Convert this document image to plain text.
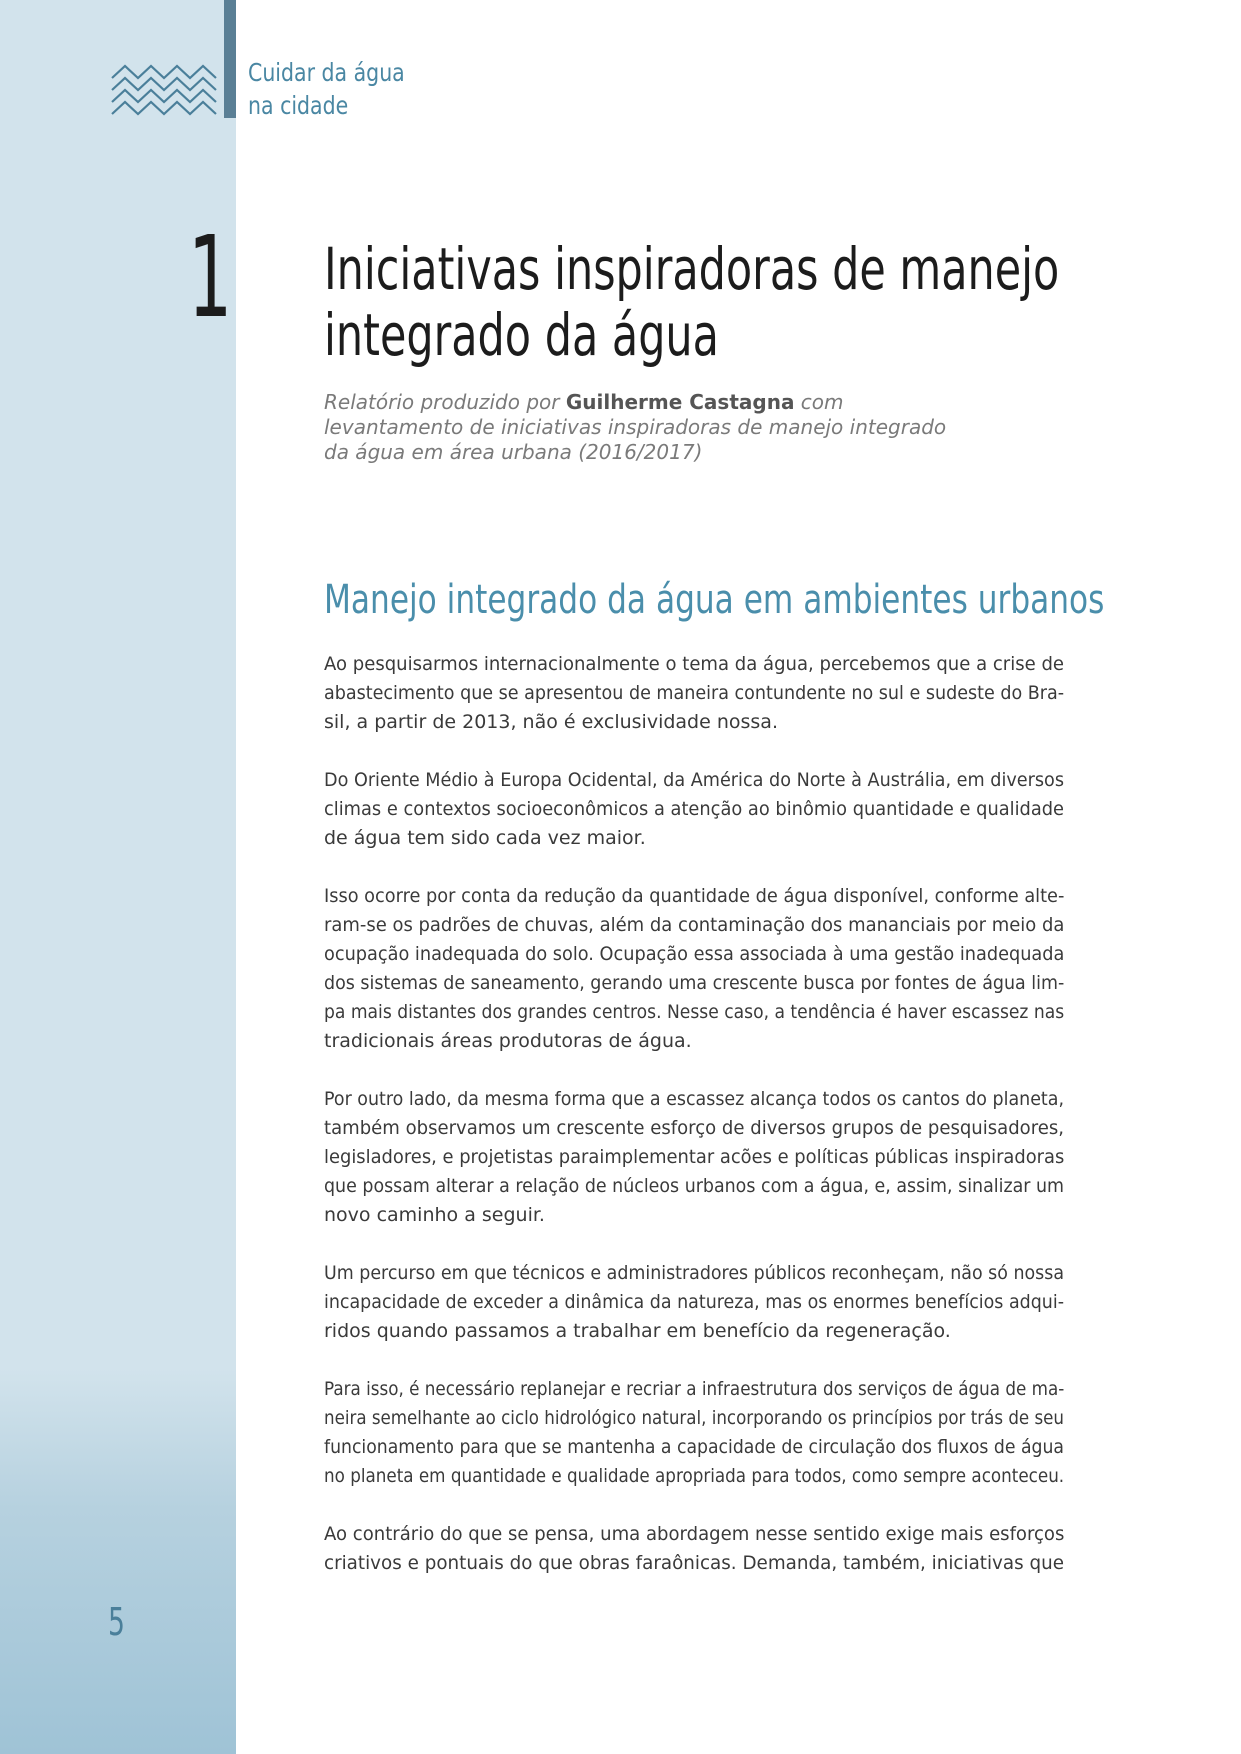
Cuidar da água
na cidade
1 Iniciativas inspiradoras de manejo
integrado da água
Relatório produzido por Guilherme Castagna com
levantamento de iniciativas inspiradoras de manejo integrado
da água em área urbana (2016/2017)
Manejo integrado da água em ambientes urbanos
Ao pesquisarmos internacionalmente o tema da água, percebemos que a crise de
abastecimento que se apresentou de maneira contundente no sul e sudeste do Bra-
sil, a partir de 2013, não é exclusividade nossa.
Do Oriente Médio à Europa Ocidental, da América do Norte à Austrália, em diversos
climas e contextos socioeconômicos a atenção ao binômio quantidade e qualidade
de água tem sido cada vez maior.
Isso ocorre por conta da redução da quantidade de água disponível, conforme alte-
ram-se os padrões de chuvas, além da contaminação dos mananciais por meio da
ocupação inadequada do solo. Ocupação essa associada à uma gestão inadequada
dos sistemas de saneamento, gerando uma crescente busca por fontes de água lim-
pa mais distantes dos grandes centros. Nesse caso, a tendência é haver escassez nas
tradicionais áreas produtoras de água.
Por outro lado, da mesma forma que a escassez alcança todos os cantos do planeta,
também observamos um crescente esforço de diversos grupos de pesquisadores,
legisladores, e projetistas paraimplementar acões e políticas públicas inspiradoras
que possam alterar a relação de núcleos urbanos com a água, e, assim, sinalizar um
novo caminho a seguir.
Um percurso em que técnicos e administradores públicos reconheçam, não só nossa
incapacidade de exceder a dinâmica da natureza, mas os enormes benefícios adqui-
ridos quando passamos a trabalhar em benefício da regeneração.
Para isso, é necessário replanejar e recriar a infraestrutura dos serviços de água de ma-
neira semelhante ao ciclo hidrológico natural, incorporando os princípios por trás de seu
funcionamento para que se mantenha a capacidade de circulação dos fluxos de água
no planeta em quantidade e qualidade apropriada para todos, como sempre aconteceu.
Ao contrário do que se pensa, uma abordagem nesse sentido exige mais esforços
criativos e pontuais do que obras faraônicas. Demanda, também, iniciativas que
5
